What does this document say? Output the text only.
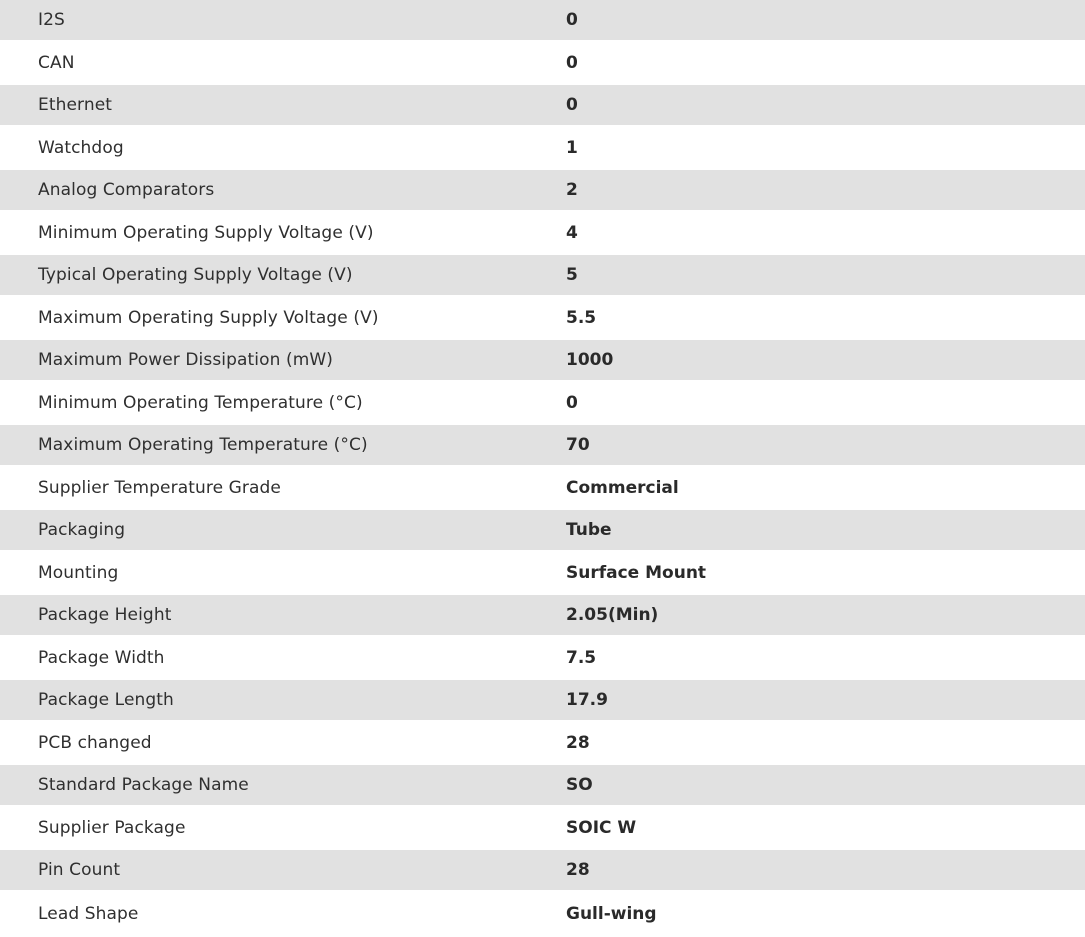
I2S	0
CAN	0
Ethernet	0
Watchdog	1
Analog Comparators	2
Minimum Operating Supply Voltage (V)	4
Typical Operating Supply Voltage (V)	5
Maximum Operating Supply Voltage (V)	5.5
Maximum Power Dissipation (mW)	1000
Minimum Operating Temperature (°C)	0
Maximum Operating Temperature (°C)	70
Supplier Temperature Grade	Commercial
Packaging	Tube
Mounting	Surface Mount
Package Height	2.05(Min)
Package Width	7.5
Package Length	17.9
PCB changed	28
Standard Package Name	SO
Supplier Package	SOIC W
Pin Count	28
Lead Shape	Gull-wing
